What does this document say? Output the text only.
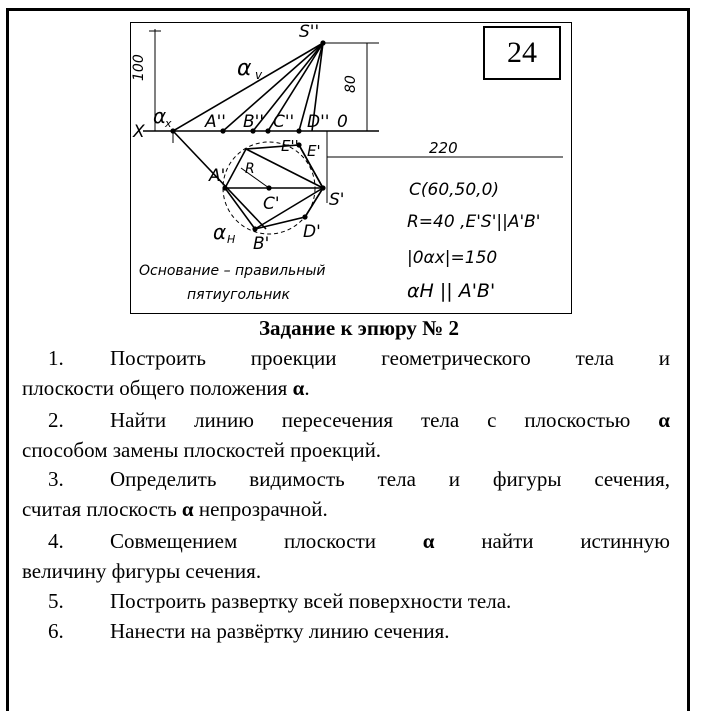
S''
α v
100
80
220
X
α
x A'' B'' C'' D'' 0
E'' E'
A' R
C'	S'
D'
B'
α H
C(60,50,0)
R=40 ,E'S'||A'B'
|0αx|=150
αH || A'B'
Основание – правильный
пятиугольник
24
Задание к эпюру № 2
1.	Построить проекции геометрического тела и
плоскости общего положения α.
2.	Найти линию пересечения тела с плоскостью α
способом замены плоскостей проекций.
3.	Определить видимость тела и фигуры сечения,
считая плоскость α непрозрачной.
4.	Совмещением плоскости α найти истинную
величину фигуры сечения.
5.	Построить развертку всей поверхности тела.
6.	Нанести на развёртку линию сечения.
